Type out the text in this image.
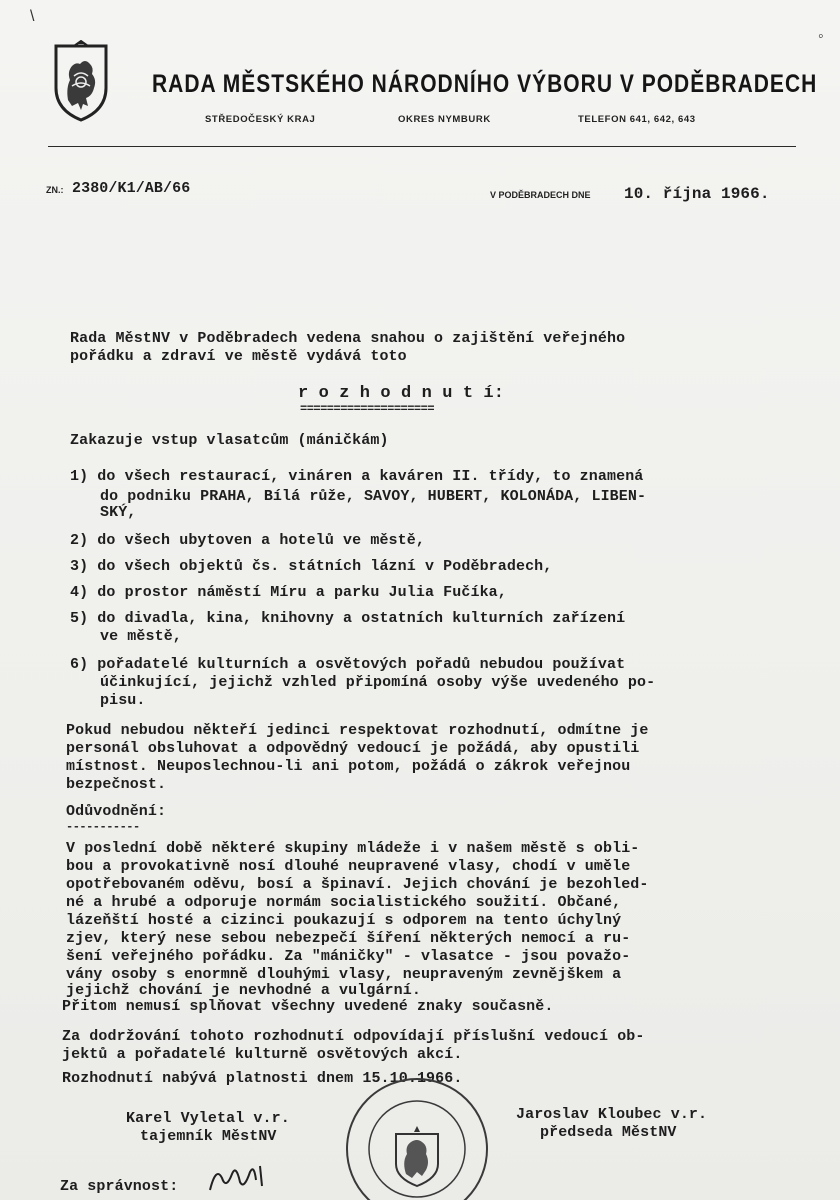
RADA MĚSTSKÉHO NÁRODNÍHO VÝBORU V PODĚBRADECH
STŘEDOČESKÝ KRAJ	OKRES NYMBURK	TELEFON 641, 642, 643
ZN.: 2380/K1/AB/66	V PODĚBRADECH DNE 10. října 1966.
Rada MěstNV v Poděbradech vedena snahou o zajištění veřejného
pořádku a zdraví ve městě vydává toto
r o z h o d n u t í:
====================
Zakazuje vstup vlasatcům (máničkám)
1) do všech restaurací, vináren a kaváren II. třídy, to znamená
do podniku PRAHA, Bílá růže, SAVOY, HUBERT, KOLONÁDA, LIBEN-
SKÝ,
2) do všech ubytoven a hotelů ve městě,
3) do všech objektů čs. státních lázní v Poděbradech,
4) do prostor náměstí Míru a parku Julia Fučíka,
5) do divadla, kina, knihovny a ostatních kulturních zařízení
ve městě,
6) pořadatelé kulturních a osvětových pořadů nebudou používat
účinkující, jejichž vzhled připomíná osoby výše uvedeného po-
pisu.
Pokud nebudou někteří jedinci respektovat rozhodnutí, odmítne je
personál obsluhovat a odpovědný vedoucí je požádá, aby opustili
místnost. Neuposlechnou-li ani potom, požádá o zákrok veřejnou
bezpečnost.
Odůvodnění:
-----------
V poslední době některé skupiny mládeže i v našem městě s obli-
bou a provokativně nosí dlouhé neupravené vlasy, chodí v uměle
opotřebovaném oděvu, bosí a špinaví. Jejich chování je bezohled-
né a hrubé a odporuje normám socialistického soužití. Občané,
lázeňští hosté a cizinci poukazují s odporem na tento úchylný
zjev, který nese sebou nebezpečí šíření některých nemocí a ru-
šení veřejného pořádku. Za "máničky" - vlasatce - jsou považo-
vány osoby s enormně dlouhými vlasy, neupraveným zevnějškem a
jejichž chování je nevhodné a vulgární.
Přitom nemusí splňovat všechny uvedené znaky současně.
Za dodržování tohoto rozhodnutí odpovídají příslušní vedoucí ob-
jektů a pořadatelé kulturně osvětových akcí.
Rozhodnutí nabývá platnosti dnem 15.10.1966.
Karel Vyletal v.r.
tajemník MěstNV
Jaroslav Kloubec v.r.
předseda MěstNV
Za správnost:
\
◦
